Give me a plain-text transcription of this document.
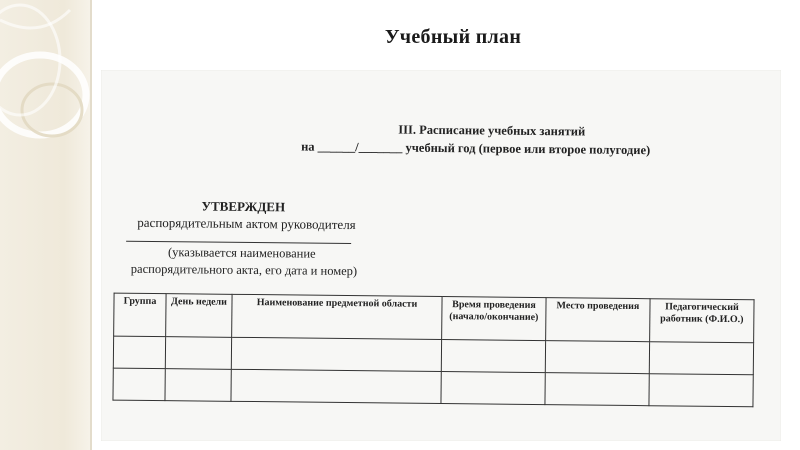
Учебный план
III. Расписание учебных занятий
на ______/_______ учебный год (первое или второе полугодие)
УТВЕРЖДЕН
распорядительным актом руководителя
(указывается наименование
распорядительного акта, его дата и номер)
Группа	День недели	Наименование предметной области	Время проведения (начало/окончание)	Место проведения	Педагогический работник (Ф.И.О.)
